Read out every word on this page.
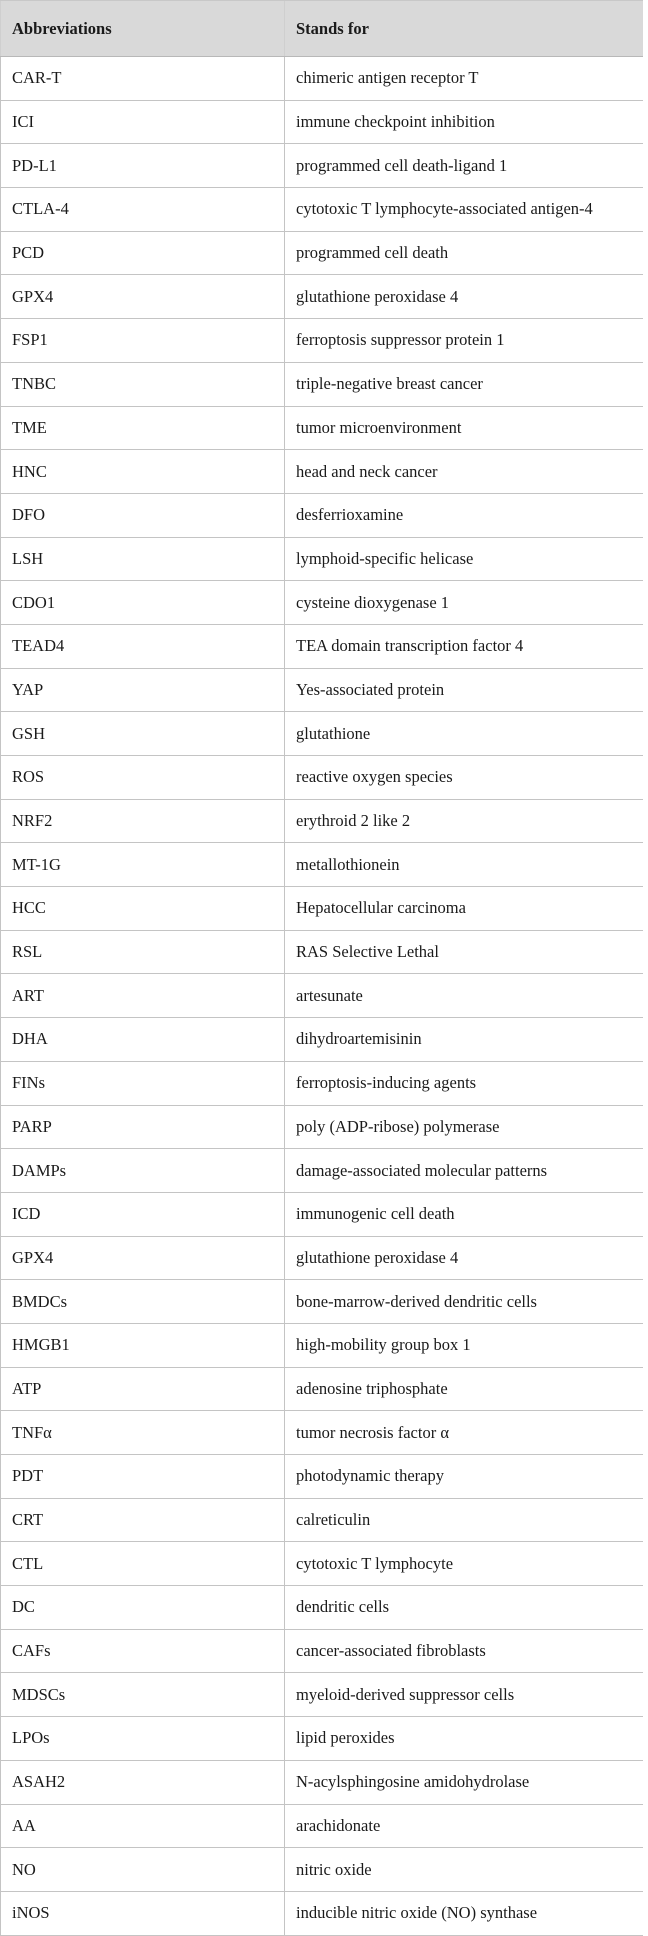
Abbreviations	Stands for
CAR-T	chimeric antigen receptor T
ICI	immune checkpoint inhibition
PD-L1	programmed cell death-ligand 1
CTLA-4	cytotoxic T lymphocyte-associated antigen-4
PCD	programmed cell death
GPX4	glutathione peroxidase 4
FSP1	ferroptosis suppressor protein 1
TNBC	triple-negative breast cancer
TME	tumor microenvironment
HNC	head and neck cancer
DFO	desferrioxamine
LSH	lymphoid-specific helicase
CDO1	cysteine dioxygenase 1
TEAD4	TEA domain transcription factor 4
YAP	Yes-associated protein
GSH	glutathione
ROS	reactive oxygen species
NRF2	erythroid 2 like 2
MT-1G	metallothionein
HCC	Hepatocellular carcinoma
RSL	RAS Selective Lethal
ART	artesunate
DHA	dihydroartemisinin
FINs	ferroptosis-inducing agents
PARP	poly (ADP-ribose) polymerase
DAMPs	damage-associated molecular patterns
ICD	immunogenic cell death
GPX4	glutathione peroxidase 4
BMDCs	bone-marrow-derived dendritic cells
HMGB1	high-mobility group box 1
ATP	adenosine triphosphate
TNFα	tumor necrosis factor α
PDT	photodynamic therapy
CRT	calreticulin
CTL	cytotoxic T lymphocyte
DC	dendritic cells
CAFs	cancer-associated fibroblasts
MDSCs	myeloid-derived suppressor cells
LPOs	lipid peroxides
ASAH2	N-acylsphingosine amidohydrolase
AA	arachidonate
NO	nitric oxide
iNOS	inducible nitric oxide (NO) synthase
